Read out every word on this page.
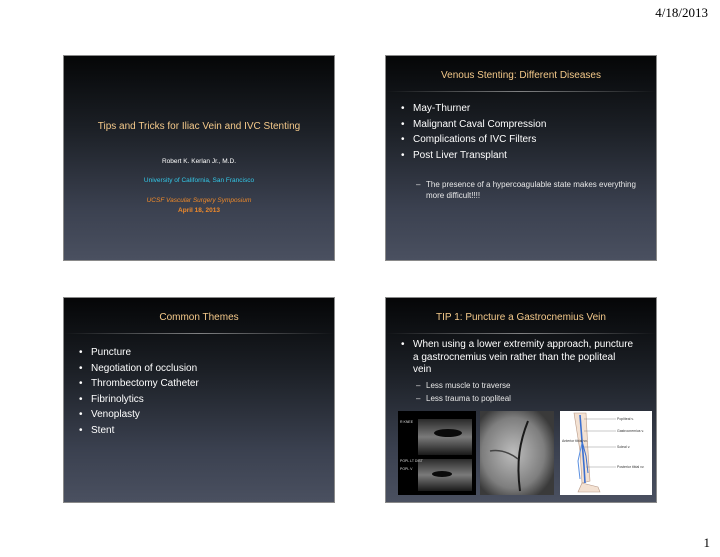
4/18/2013
Tips and Tricks for Iliac Vein and IVC Stenting
Robert K. Kerlan Jr., M.D.
University of California, San Francisco
UCSF Vascular Surgery Symposium
April 18, 2013
Venous Stenting: Different Diseases
• May-Thurner
• Malignant Caval Compression
• Complications of IVC Filters
• Post Liver Transplant
– The presence of a hypercoagulable state makes everything more difficult!!!!
Common Themes
• Puncture
• Negotiation of occlusion
• Thrombectomy Catheter
• Fibrinolytics
• Venoplasty
• Stent
TIP 1: Puncture a Gastrocnemius Vein
• When using a lower extremity approach, puncture a gastrocnemius vein rather than the popliteal vein
– Less muscle to traverse
– Less trauma to popliteal
R KNEE
POPL LT DIST
POPL V
Popliteal v.
Gastrocnemius v.
Anterior tibial vv.
Soleal v.
Posterior tibial vv.
1
